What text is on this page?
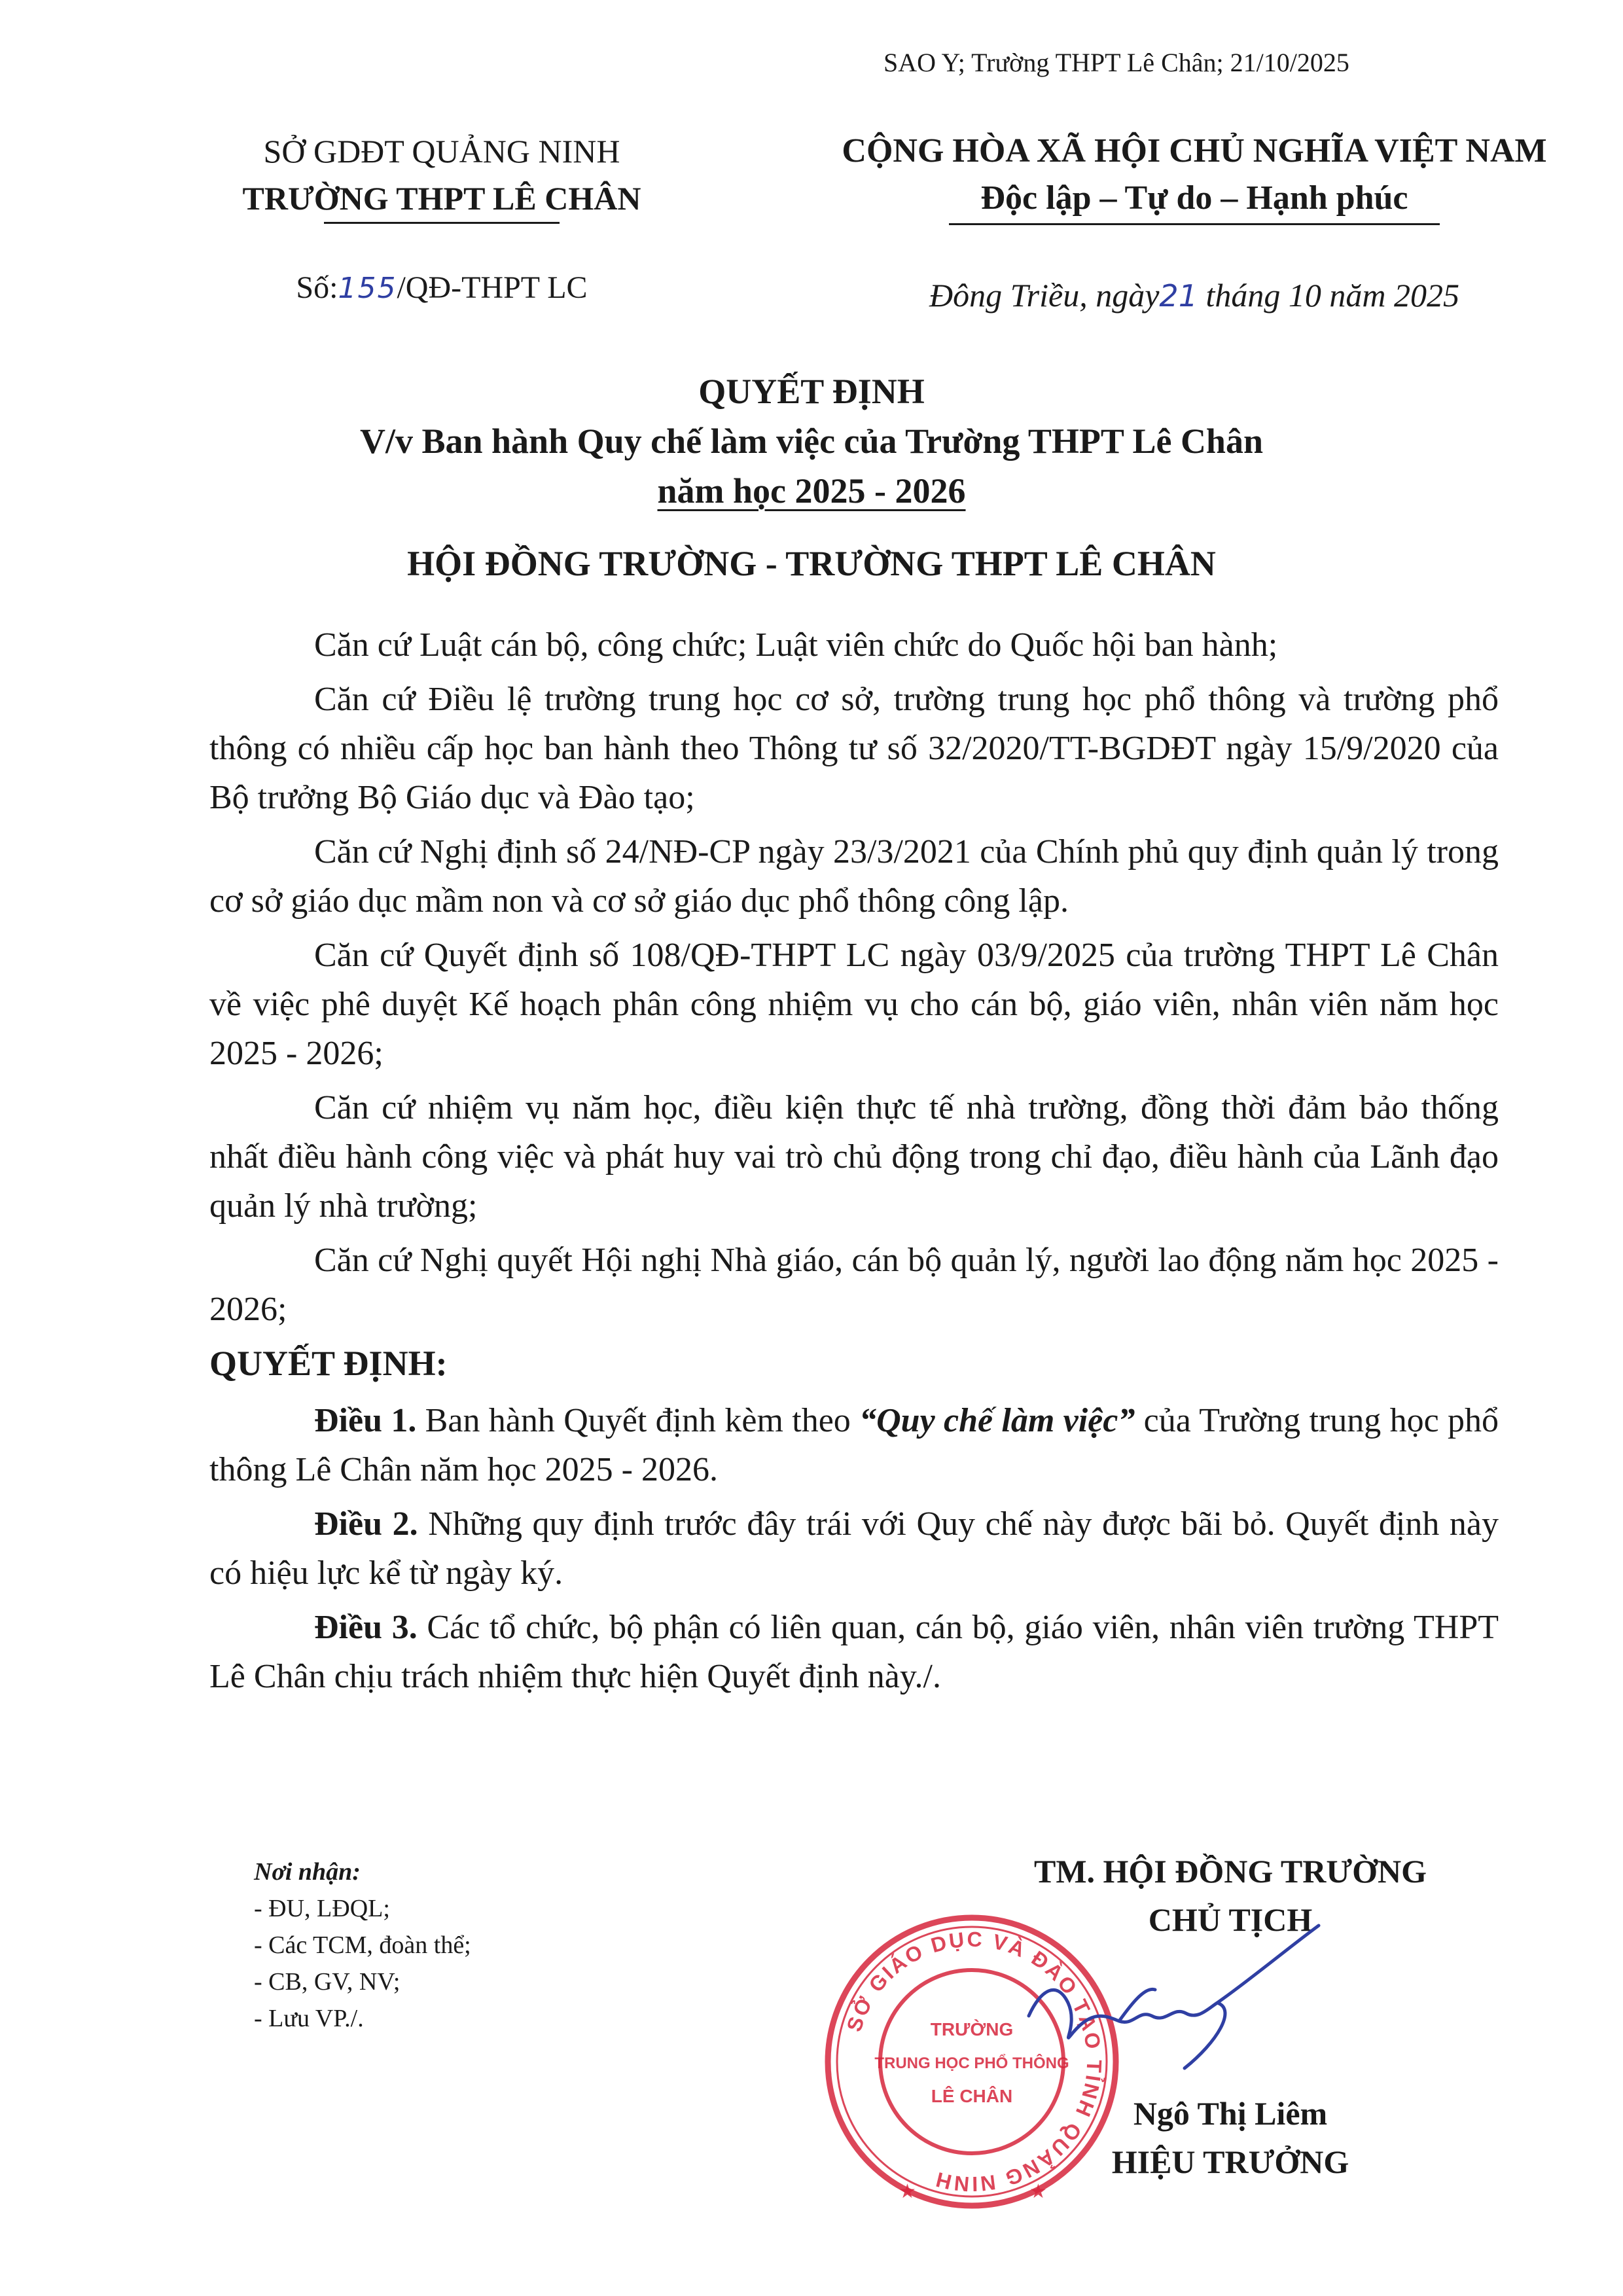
SAO Y; Trường THPT Lê Chân; 21/10/2025
SỞ GDĐT QUẢNG NINH
TRƯỜNG THPT LÊ CHÂN
Số:155/QĐ-THPT LC
CỘNG HÒA XÃ HỘI CHỦ NGHĨA VIỆT NAM
Độc lập – Tự do – Hạnh phúc
Đông Triều, ngày21 tháng 10 năm 2025
QUYẾT ĐỊNH
V/v Ban hành Quy chế làm việc của Trường THPT Lê Chân
năm học 2025 - 2026
HỘI ĐỒNG TRƯỜNG - TRƯỜNG THPT LÊ CHÂN

Căn cứ Luật cán bộ, công chức; Luật viên chức do Quốc hội ban hành;

Căn cứ Điều lệ trường trung học cơ sở, trường trung học phổ thông và trường phổ thông có nhiều cấp học ban hành theo Thông tư số 32/2020/TT-BGDĐT ngày 15/9/2020 của Bộ trưởng Bộ Giáo dục và Đào tạo;

Căn cứ Nghị định số 24/NĐ-CP ngày 23/3/2021 của Chính phủ quy định quản lý trong cơ sở giáo dục mầm non và cơ sở giáo dục phổ thông công lập.

Căn cứ Quyết định số 108/QĐ-THPT LC ngày 03/9/2025 của trường THPT Lê Chân về việc phê duyệt Kế hoạch phân công nhiệm vụ cho cán bộ, giáo viên, nhân viên năm học 2025 - 2026;

Căn cứ nhiệm vụ năm học, điều kiện thực tế nhà trường, đồng thời đảm bảo thống nhất điều hành công việc và phát huy vai trò chủ động trong chỉ đạo, điều hành của Lãnh đạo quản lý nhà trường;

Căn cứ Nghị quyết Hội nghị Nhà giáo, cán bộ quản lý, người lao động năm học 2025 - 2026;

QUYẾT ĐỊNH:

Điều 1. Ban hành Quyết định kèm theo “Quy chế làm việc” của Trường trung học phổ thông Lê Chân năm học 2025 - 2026.

Điều 2. Những quy định trước đây trái với Quy chế này được bãi bỏ. Quyết định này có hiệu lực kể từ ngày ký.

Điều 3. Các tổ chức, bộ phận có liên quan, cán bộ, giáo viên, nhân viên trường THPT Lê Chân chịu trách nhiệm thực hiện Quyết định này./.

Nơi nhận:
- ĐU, LĐQL;
- Các TCM, đoàn thể;
- CB, GV, NV;
- Lưu VP./.
TM. HỘI ĐỒNG TRƯỜNG
CHỦ TỊCH
Ngô Thị Liêm
HIỆU TRƯỞNG
SỞ GIÁO DỤC VÀ ĐÀO TẠO TỈNH QUẢNG NINH
★	★
TRƯỜNG
TRUNG HỌC PHỔ THÔNG
LÊ CHÂN
